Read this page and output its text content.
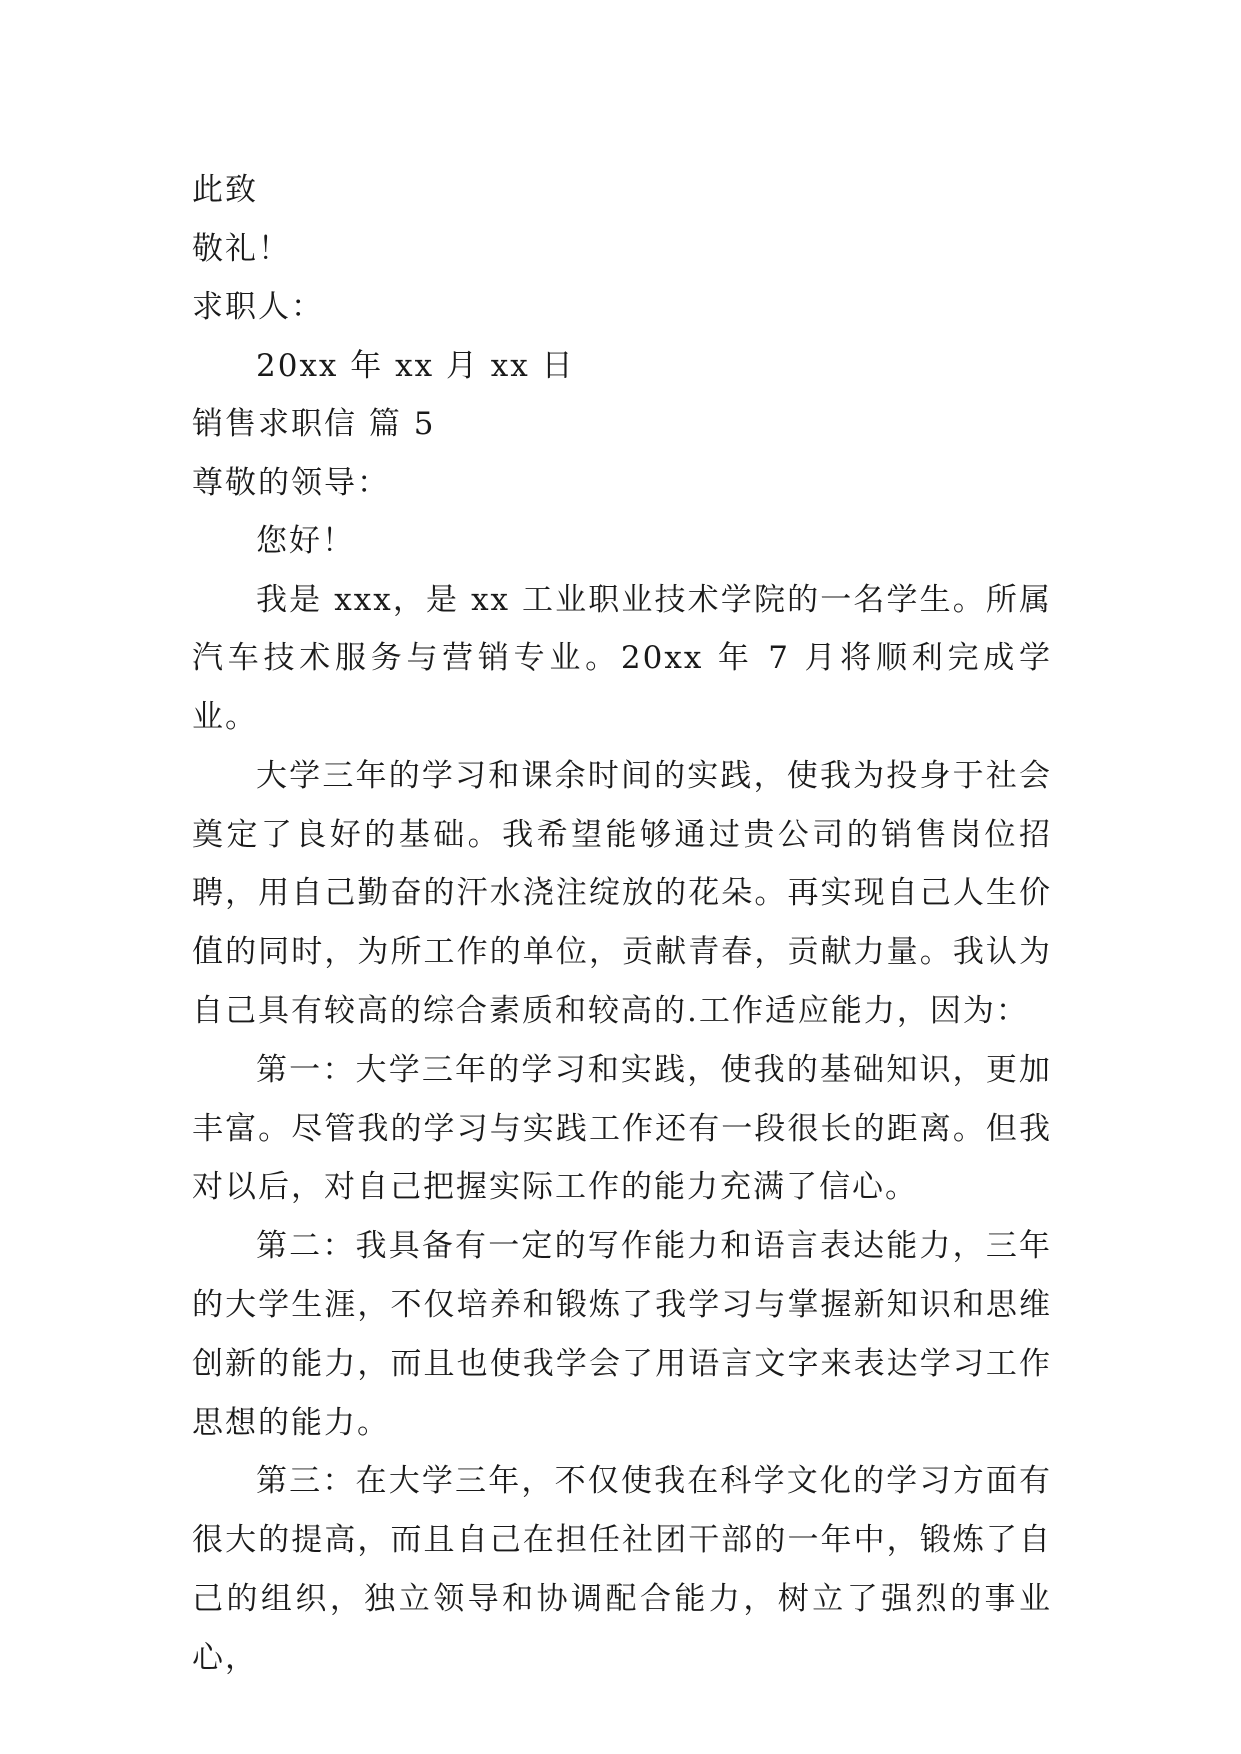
此致
敬礼！
求职人：
20xx 年 xx 月 xx 日
销售求职信 篇 5
尊敬的领导：
您好！

我是 xxx，是 xx 工业职业技术学院的一名学生。所属汽车技术服务与营销专业。20xx 年 7 月将顺利完成学业。

大学三年的学习和课余时间的实践，使我为投身于社会奠定了良好的基础。我希望能够通过贵公司的销售岗位招聘，用自己勤奋的汗水浇注绽放的花朵。再实现自己人生价值的同时，为所工作的单位，贡献青春，贡献力量。我认为自己具有较高的综合素质和较高的.工作适应能力，因为：

第一：大学三年的学习和实践，使我的基础知识，更加丰富。尽管我的学习与实践工作还有一段很长的距离。但我对以后，对自己把握实际工作的能力充满了信心。

第二：我具备有一定的写作能力和语言表达能力，三年的大学生涯，不仅培养和锻炼了我学习与掌握新知识和思维创新的能力，而且也使我学会了用语言文字来表达学习工作思想的能力。

第三：在大学三年，不仅使我在科学文化的学习方面有很大的提高，而且自己在担任社团干部的一年中，锻炼了自己的组织，独立领导和协调配合能力，树立了强烈的事业心，
